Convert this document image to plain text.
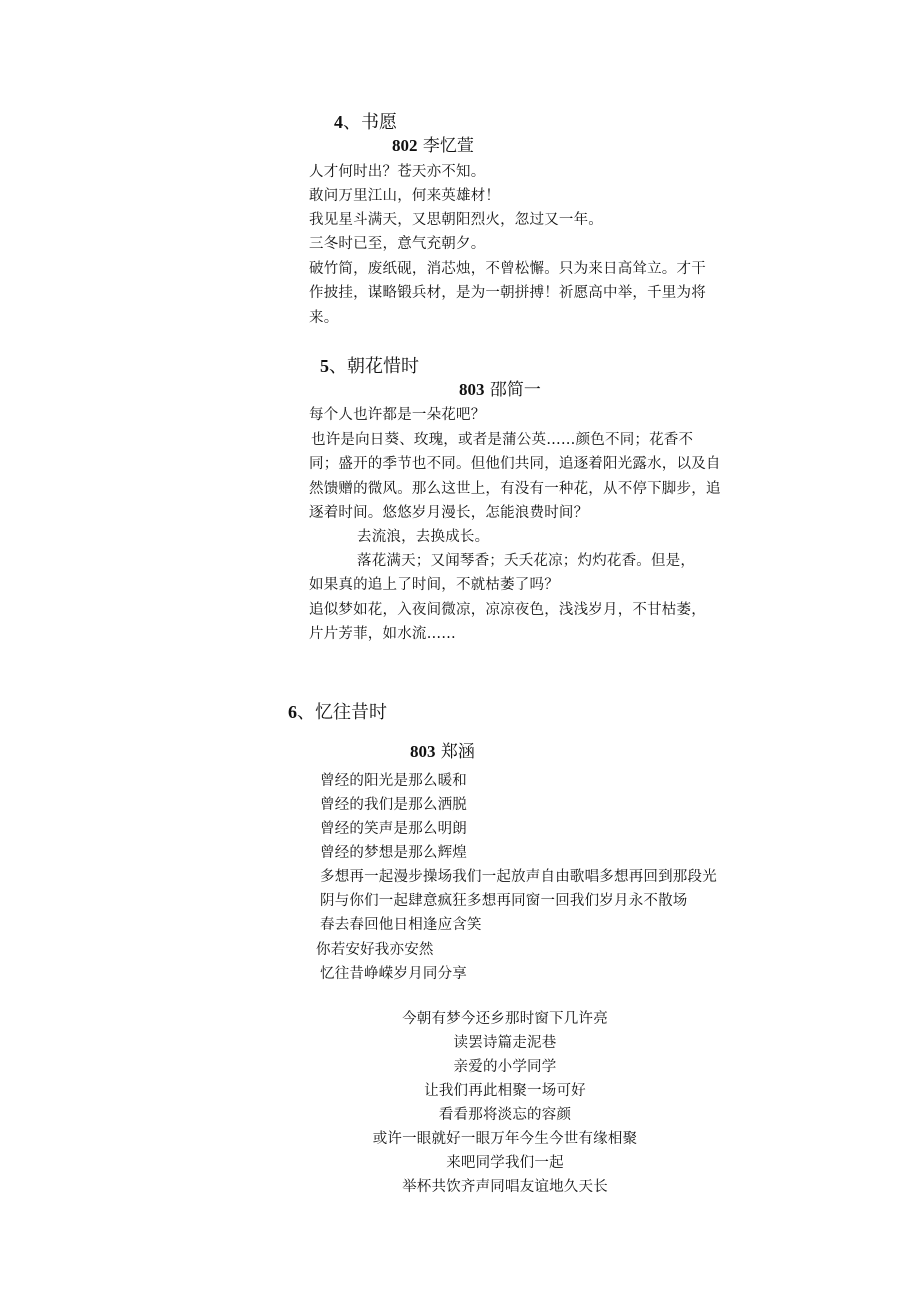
4、书愿
802 李忆萱
人才何时出？苍天亦不知。
敢问万里江山，何来英雄材！
我见星斗满天，又思朝阳烈火，忽过又一年。
三冬时已至，意气充朝夕。
破竹简，废纸砚，消芯烛，不曾松懈。只为来日高耸立。才干
作披挂，谋略锻兵材，是为一朝拼搏！祈愿高中举，千里为将
来。
5、朝花惜时
803 邵简一
每个人也许都是一朵花吧？
也许是向日葵、玫瑰，或者是蒲公英……颜色不同；花香不
同；盛开的季节也不同。但他们共同，追逐着阳光露水，以及自
然馈赠的微风。那么这世上，有没有一种花，从不停下脚步，追
逐着时间。悠悠岁月漫长，怎能浪费时间？
去流浪，去换成长。
落花满天；又闻琴香；夭夭花凉；灼灼花香。但是，
如果真的追上了时间，不就枯萎了吗？
追似梦如花，入夜间微凉，凉凉夜色，浅浅岁月，不甘枯萎，
片片芳菲，如水流……
6、忆往昔时
803 郑涵
曾经的阳光是那么暖和
曾经的我们是那么洒脱
曾经的笑声是那么明朗
曾经的梦想是那么辉煌
多想再一起漫步操场我们一起放声自由歌唱多想再回到那段光
阴与你们一起肆意疯狂多想再同窗一回我们岁月永不散场
春去春回他日相逢应含笑
你若安好我亦安然
忆往昔峥嵘岁月同分享
今朝有梦今还乡那时窗下几许亮
读罢诗篇走泥巷
亲爱的小学同学
让我们再此相聚一场可好
看看那将淡忘的容颜
或许一眼就好一眼万年今生今世有缘相聚
来吧同学我们一起
举杯共饮齐声同唱友谊地久天长
